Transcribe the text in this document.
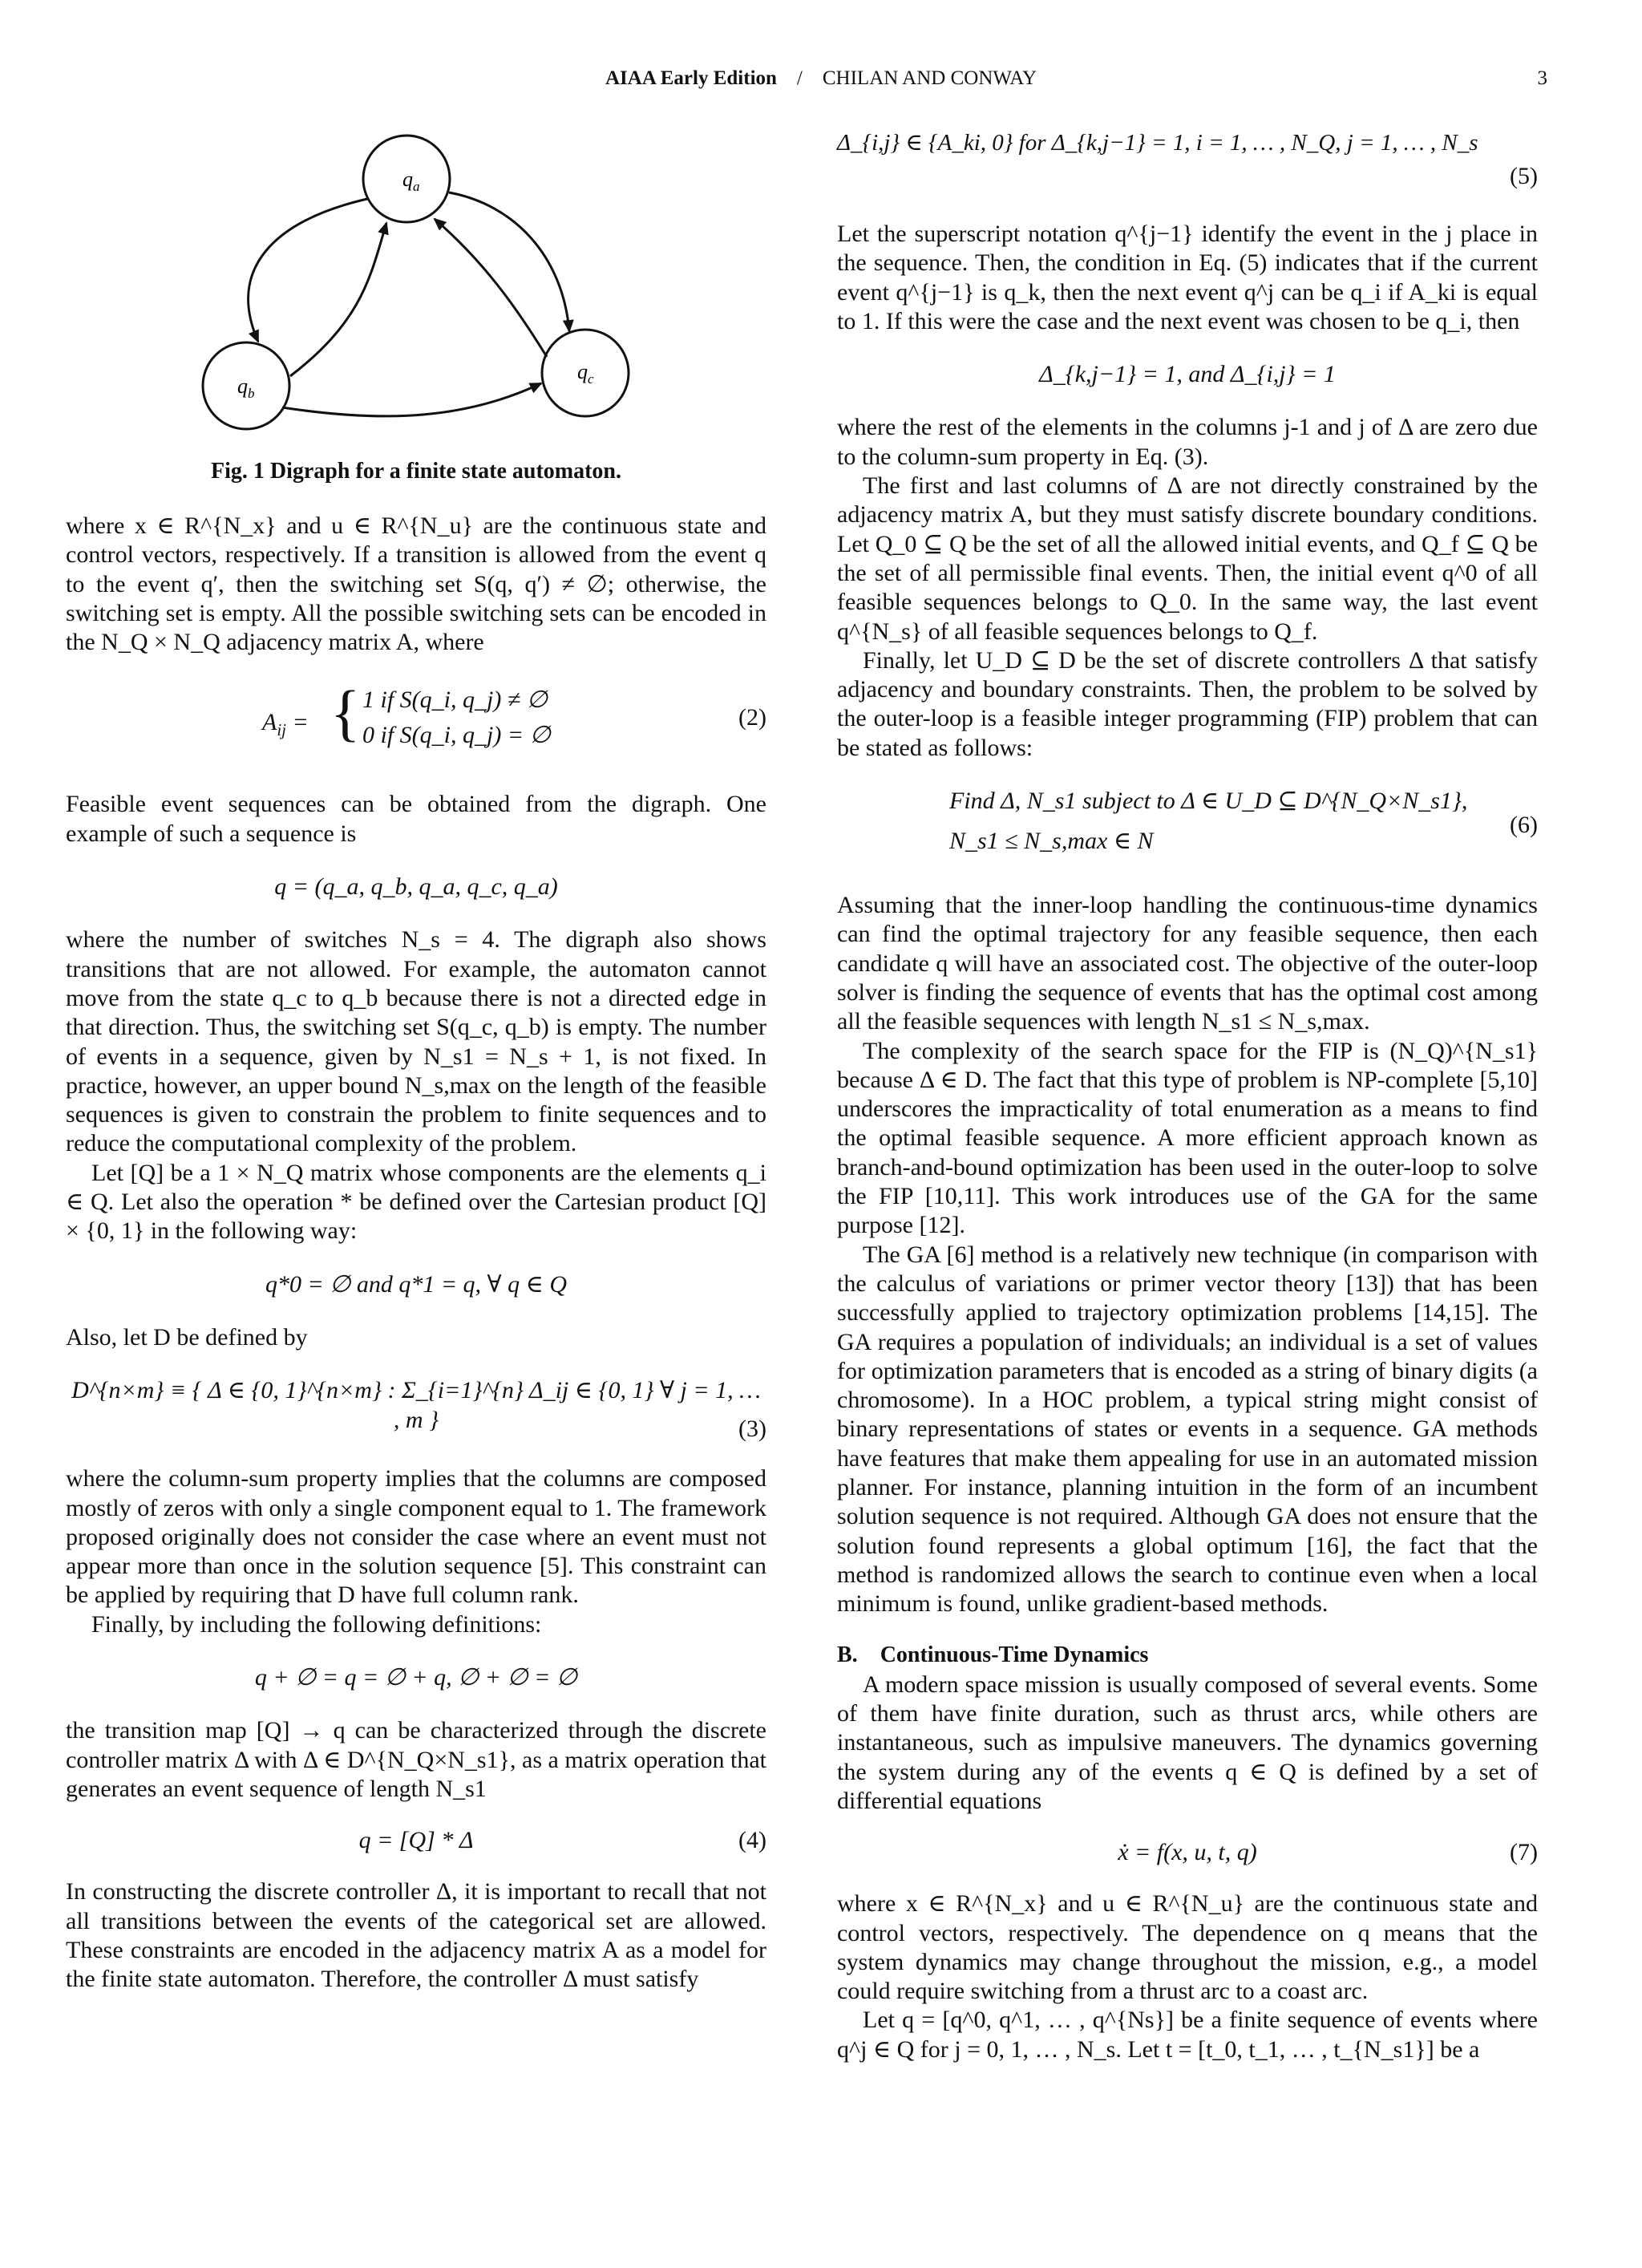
AIAA Early Edition / CHILAN AND CONWAY	3
$q_a$
$q_b$
$q_c$
Fig. 1 Digraph for a finite state automaton.

where x ∈ R^{N_x} and u ∈ R^{N_u} are the continuous state and control vectors, respectively. If a transition is allowed from the event q to the event q′, then the switching set S(q, q′) ≠ ∅; otherwise, the switching set is empty. All the possible switching sets can be encoded in the N_Q × N_Q adjacency matrix A, where

$A_{ij}$ = { 1 if S(q_i, q_j) ≠ ∅
0 if S(q_i, q_j) = ∅
(2)

Feasible event sequences can be obtained from the digraph. One example of such a sequence is

q = (q_a, q_b, q_a, q_c, q_a)

where the number of switches N_s = 4. The digraph also shows transitions that are not allowed. For example, the automaton cannot move from the state q_c to q_b because there is not a directed edge in that direction. Thus, the switching set S(q_c, q_b) is empty. The number of events in a sequence, given by N_s1 = N_s + 1, is not fixed. In practice, however, an upper bound N_s,max on the length of the feasible sequences is given to constrain the problem to finite sequences and to reduce the computational complexity of the problem.

Let [Q] be a 1 × N_Q matrix whose components are the elements q_i ∈ Q. Let also the operation * be defined over the Cartesian product [Q] × {0, 1} in the following way:

q*0 = ∅ and q*1 = q, ∀ q ∈ Q

Also, let D be defined by

D^{n×m} ≡ { Δ ∈ {0, 1}^{n×m} : Σ_{i=1}^{n} Δ_ij ∈ {0, 1} ∀ j = 1, … , m }	(3)

where the column-sum property implies that the columns are composed mostly of zeros with only a single component equal to 1. The framework proposed originally does not consider the case where an event must not appear more than once in the solution sequence [5]. This constraint can be applied by requiring that D have full column rank.

Finally, by including the following definitions:

q + ∅ = q = ∅ + q, ∅ + ∅ = ∅

the transition map [Q] → q can be characterized through the discrete controller matrix Δ with Δ ∈ D^{N_Q×N_s1}, as a matrix operation that generates an event sequence of length N_s1

q = [Q] * Δ	(4)

In constructing the discrete controller Δ, it is important to recall that not all transitions between the events of the categorical set are allowed. These constraints are encoded in the adjacency matrix A as a model for the finite state automaton. Therefore, the controller Δ must satisfy

Δ_{i,j} ∈ {A_ki, 0} for Δ_{k,j−1} = 1, i = 1, … , N_Q, j = 1, … , N_s
(5)

Let the superscript notation q^{j−1} identify the event in the j place in the sequence. Then, the condition in Eq. (5) indicates that if the current event q^{j−1} is q_k, then the next event q^j can be q_i if A_ki is equal to 1. If this were the case and the next event was chosen to be q_i, then

Δ_{k,j−1} = 1, and Δ_{i,j} = 1

where the rest of the elements in the columns j-1 and j of Δ are zero due to the column-sum property in Eq. (3).

The first and last columns of Δ are not directly constrained by the adjacency matrix A, but they must satisfy discrete boundary conditions. Let Q_0 ⊆ Q be the set of all the allowed initial events, and Q_f ⊆ Q be the set of all permissible final events. Then, the initial event q^0 of all feasible sequences belongs to Q_0. In the same way, the last event q^{N_s} of all feasible sequences belongs to Q_f.

Finally, let U_D ⊆ D be the set of discrete controllers Δ that satisfy adjacency and boundary constraints. Then, the problem to be solved by the outer-loop is a feasible integer programming (FIP) problem that can be stated as follows:

Find Δ, N_s1 subject to Δ ∈ U_D ⊆ D^{N_Q×N_s1},
N_s1 ≤ N_s,max ∈ N
(6)

Assuming that the inner-loop handling the continuous-time dynamics can find the optimal trajectory for any feasible sequence, then each candidate q will have an associated cost. The objective of the outer-loop solver is finding the sequence of events that has the optimal cost among all the feasible sequences with length N_s1 ≤ N_s,max.

The complexity of the search space for the FIP is (N_Q)^{N_s1} because Δ ∈ D. The fact that this type of problem is NP-complete [5,10] underscores the impracticality of total enumeration as a means to find the optimal feasible sequence. A more efficient approach known as branch-and-bound optimization has been used in the outer-loop to solve the FIP [10,11]. This work introduces use of the GA for the same purpose [12].

The GA [6] method is a relatively new technique (in comparison with the calculus of variations or primer vector theory [13]) that has been successfully applied to trajectory optimization problems [14,15]. The GA requires a population of individuals; an individual is a set of values for optimization parameters that is encoded as a string of binary digits (a chromosome). In a HOC problem, a typical string might consist of binary representations of states or events in a sequence. GA methods have features that make them appealing for use in an automated mission planner. For instance, planning intuition in the form of an incumbent solution sequence is not required. Although GA does not ensure that the solution found represents a global optimum [16], the fact that the method is randomized allows the search to continue even when a local minimum is found, unlike gradient-based methods.

B. Continuous-Time Dynamics

A modern space mission is usually composed of several events. Some of them have finite duration, such as thrust arcs, while others are instantaneous, such as impulsive maneuvers. The dynamics governing the system during any of the events q ∈ Q is defined by a set of differential equations

ẋ = f(x, u, t, q)	(7)

where x ∈ R^{N_x} and u ∈ R^{N_u} are the continuous state and control vectors, respectively. The dependence on q means that the system dynamics may change throughout the mission, e.g., a model could require switching from a thrust arc to a coast arc.

Let q = [q^0, q^1, … , q^{Ns}] be a finite sequence of events where q^j ∈ Q for j = 0, 1, … , N_s. Let t = [t_0, t_1, … , t_{N_s1}] be a
